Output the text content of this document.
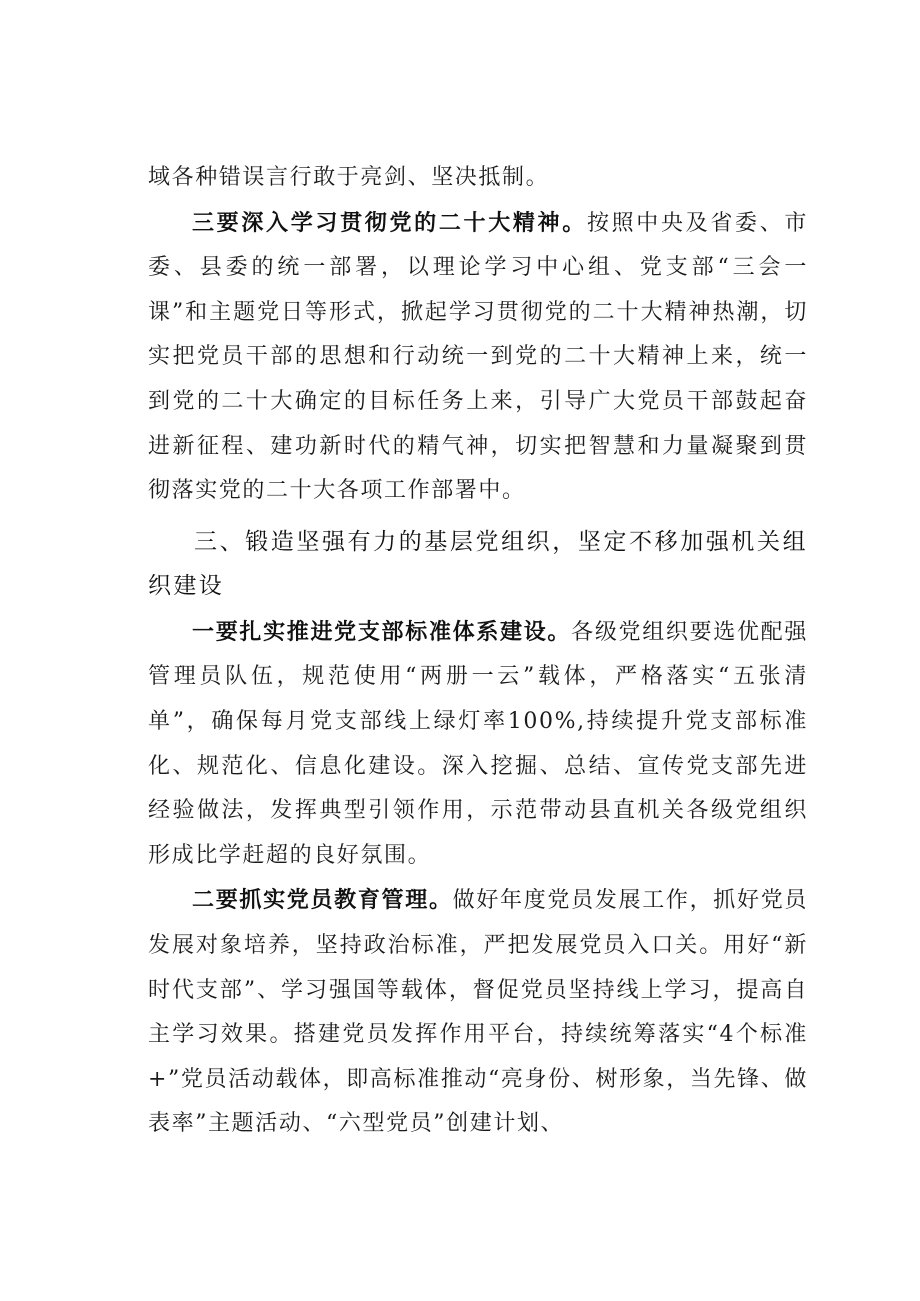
域各种错误言行敢于亮剑、坚决抵制。

三要深入学习贯彻党的二十大精神。按照中央及省委、市委、县委的统一部署，以理论学习中心组、党支部“三会一课”和主题党日等形式，掀起学习贯彻党的二十大精神热潮，切实把党员干部的思想和行动统一到党的二十大精神上来，统一到党的二十大确定的目标任务上来，引导广大党员干部鼓起奋进新征程、建功新时代的精气神，切实把智慧和力量凝聚到贯彻落实党的二十大各项工作部署中。

三、锻造坚强有力的基层党组织，坚定不移加强机关组织建设

一要扎实推进党支部标准体系建设。各级党组织要选优配强管理员队伍，规范使用“两册一云”载体，严格落实“五张清单”，确保每月党支部线上绿灯率100%,持续提升党支部标准化、规范化、信息化建设。深入挖掘、总结、宣传党支部先进经验做法，发挥典型引领作用，示范带动县直机关各级党组织形成比学赶超的良好氛围。

二要抓实党员教育管理。做好年度党员发展工作，抓好党员发展对象培养，坚持政治标准，严把发展党员入口关。用好“新时代支部”、学习强国等载体，督促党员坚持线上学习，提高自主学习效果。搭建党员发挥作用平台，持续统筹落实“4个标准+”党员活动载体，即高标准推动“亮身份、树形象，当先锋、做表率”主题活动、“六型党员”创建计划、
